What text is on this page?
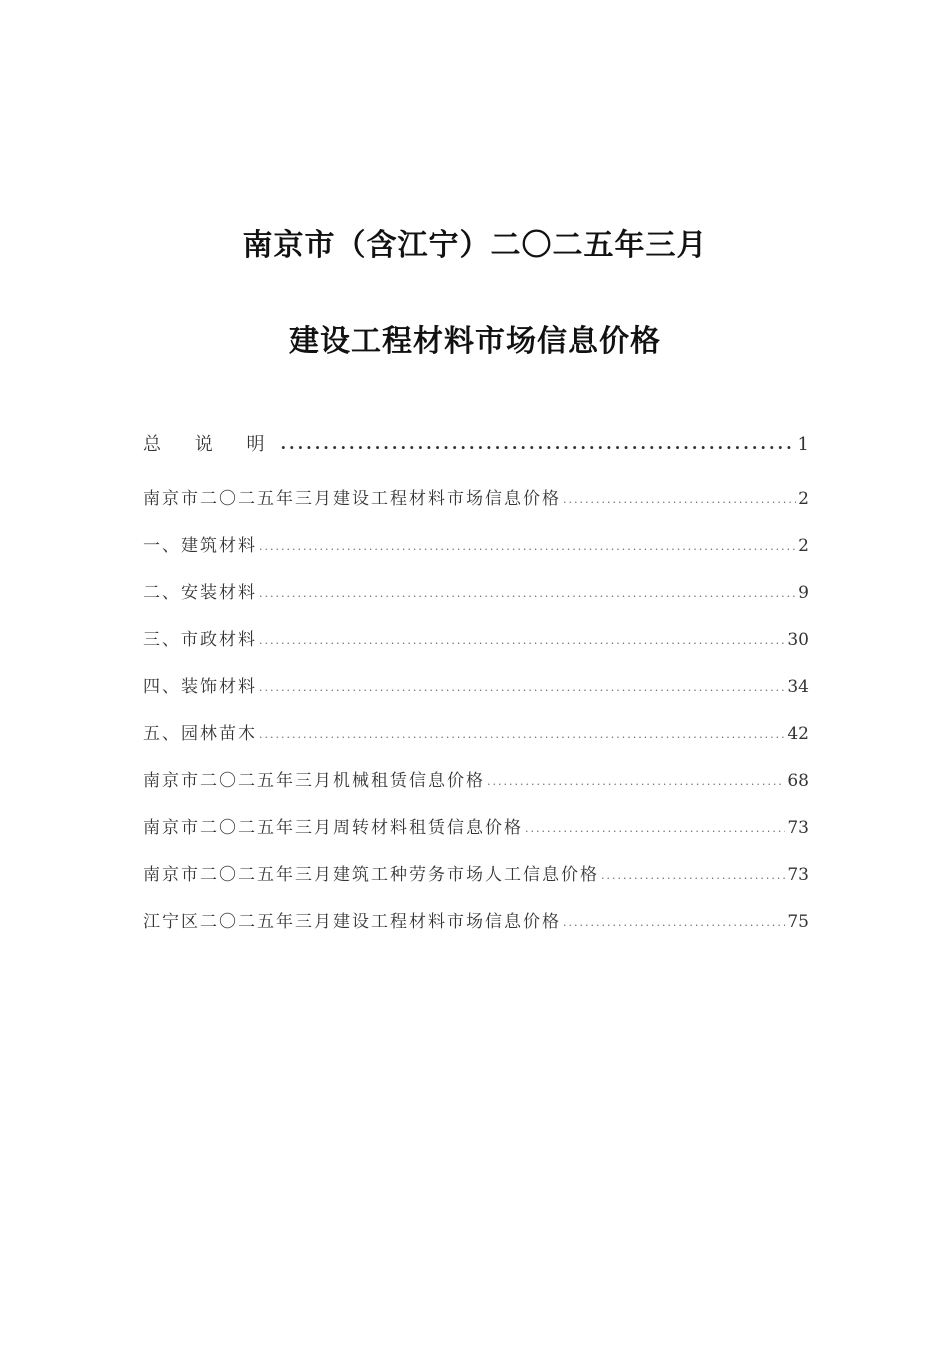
南京市（含江宁）二〇二五年三月
建设工程材料市场信息价格
总 说 明 .....	1
南京市二〇二五年三月建设工程材料市场信息价格 .....	2
一、建筑材料 .....	2
二、安装材料 .....	9
三、市政材料 .....	30
四、装饰材料 .....	34
五、园林苗木 .....	42
南京市二〇二五年三月机械租赁信息价格 .....	68
南京市二〇二五年三月周转材料租赁信息价格 .....	73
南京市二〇二五年三月建筑工种劳务市场人工信息价格 .....	73
江宁区二〇二五年三月建设工程材料市场信息价格 .....	75
